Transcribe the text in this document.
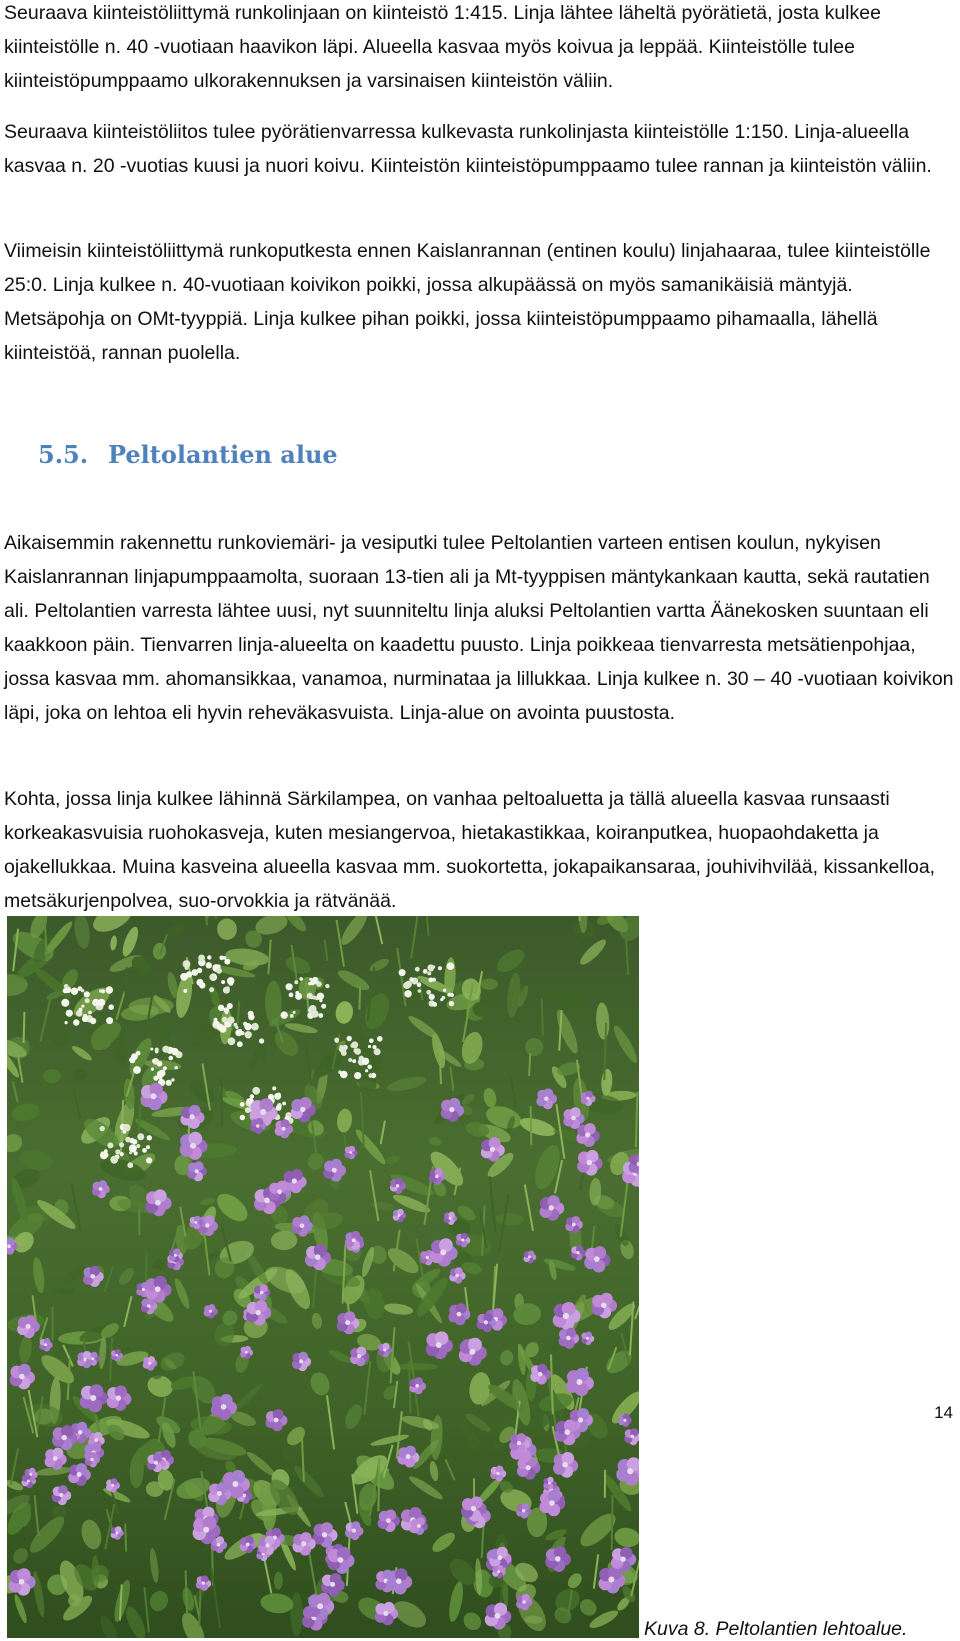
Seuraava kiinteistöliittymä runkolinjaan on kiinteistö 1:415. Linja lähtee läheltä pyörätietä, josta kulkee kiinteistölle n. 40 -vuotiaan haavikon läpi. Alueella kasvaa myös koivua ja leppää. Kiinteistölle tulee kiinteistöpumppaamo ulkorakennuksen ja varsinaisen kiinteistön väliin.

Seuraava kiinteistöliitos tulee pyörätienvarressa kulkevasta runkolinjasta kiinteistölle 1:150. Linja-alueella kasvaa n. 20 -vuotias kuusi ja nuori koivu. Kiinteistön kiinteistöpumppaamo tulee rannan ja kiinteistön väliin.

Viimeisin kiinteistöliittymä runkoputkesta ennen Kaislanrannan (entinen koulu) linjahaaraa, tulee kiinteistölle 25:0. Linja kulkee n. 40-vuotiaan koivikon poikki, jossa alkupäässä on myös samanikäisiä mäntyjä. Metsäpohja on OMt-tyyppiä. Linja kulkee pihan poikki, jossa kiinteistöpumppaamo pihamaalla, lähellä kiinteistöä, rannan puolella.

5.5. Peltolantien alue

Aikaisemmin rakennettu runkoviemäri- ja vesiputki tulee Peltolantien varteen entisen koulun, nykyisen Kaislanrannan linjapumppaamolta, suoraan 13-tien ali ja Mt-tyyppisen mäntykankaan kautta, sekä rautatien ali. Peltolantien varresta lähtee uusi, nyt suunniteltu linja aluksi Peltolantien vartta Äänekosken suuntaan eli kaakkoon päin. Tienvarren linja-alueelta on kaadettu puusto. Linja poikkeaa tienvarresta metsätienpohjaa, jossa kasvaa mm. ahomansikkaa, vanamoa, nurminataa ja lillukkaa. Linja kulkee n. 30 – 40 -vuotiaan koivikon läpi, joka on lehtoa eli hyvin reheväkasvuista. Linja-alue on avointa puustosta.

Kohta, jossa linja kulkee lähinnä Särkilampea, on vanhaa peltoaluetta ja tällä alueella kasvaa runsaasti korkeakasvuisia ruohokasveja, kuten mesiangervoa, hietakastikkaa, koiranputkea, huopaohdaketta ja ojakellukkaa. Muina kasveina alueella kasvaa mm. suokortetta, jokapaikansaraa, jouhivihvilää, kissankelloa, metsäkurjenpolvea, suo-orvokkia ja rätvänää.

Kuva 8. Peltolantien lehtoalue.
14
